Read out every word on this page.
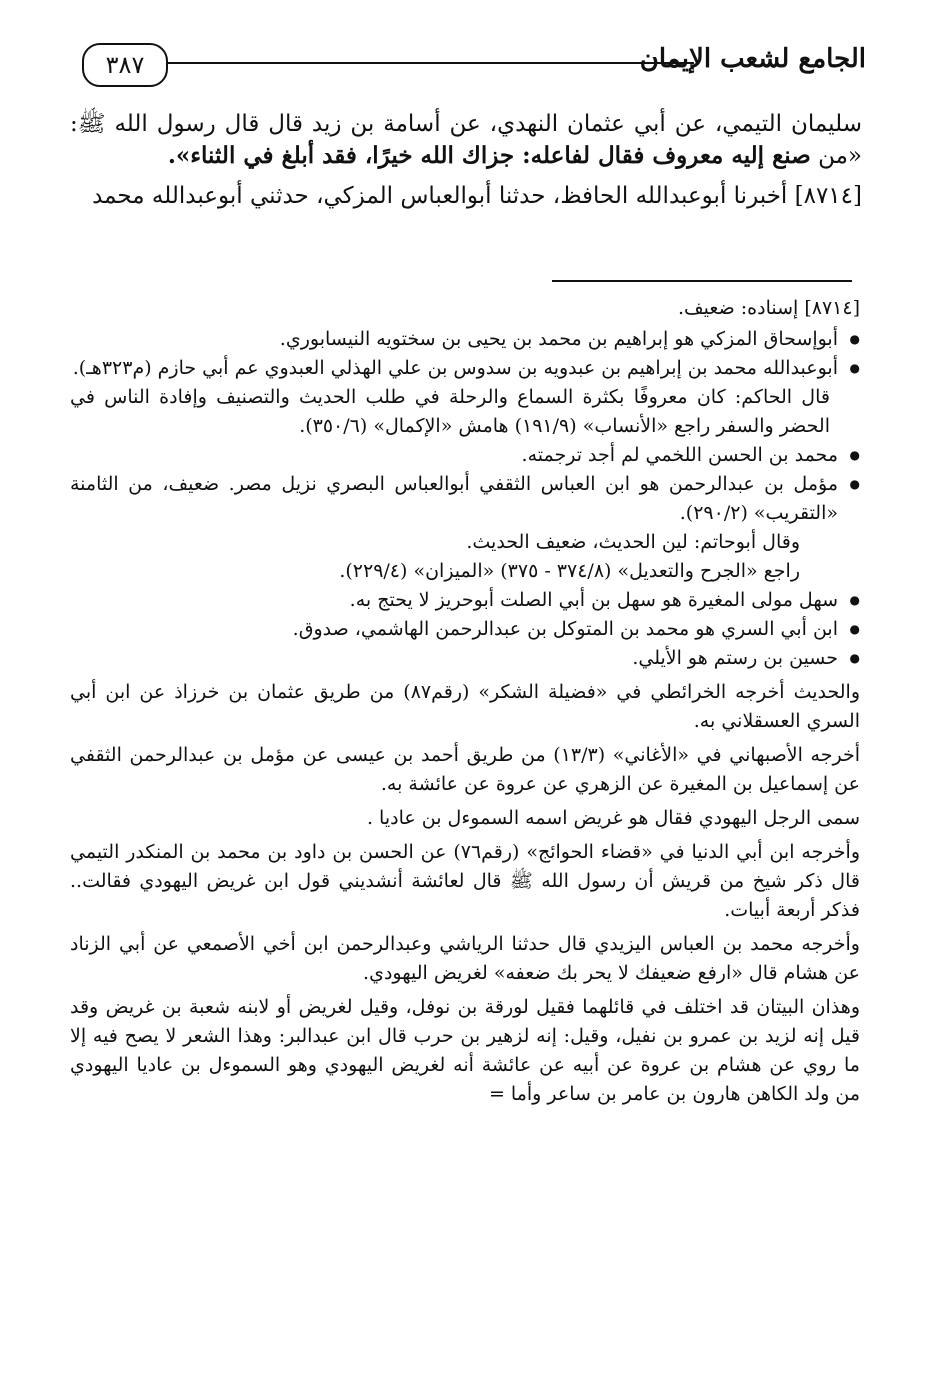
٣٨٧	الجامع لشعب الإيمان

سليمان التيمي، عن أبي عثمان النهدي، عن أسامة بن زيد قال قال رسول الله ﷺ: «من صنع إليه معروف فقال لفاعله: جزاك الله خيرًا، فقد أبلغ في الثناء».

[٨٧١٤] أخبرنا أبوعبدالله الحافظ، حدثنا أبوالعباس المزكي، حدثني أبوعبدالله محمد

[٨٧١٤] إسناده: ضعيف.

● أبوإسحاق المزكي هو إبراهيم بن محمد بن يحيى بن سختويه النيسابوري.

● أبوعبدالله محمد بن إبراهيم بن عبدويه بن سدوس بن علي الهذلي العبدوي عم أبي حازم (م٣٢٣هـ).

قال الحاكم: كان معروفًا بكثرة السماع والرحلة في طلب الحديث والتصنيف وإفادة الناس في الحضر والسفر راجع «الأنساب» (١٩١/٩) هامش «الإكمال» (٣٥٠/٦).

● محمد بن الحسن اللخمي لم أجد ترجمته.

● مؤمل بن عبدالرحمن هو ابن العباس الثقفي أبوالعباس البصري نزيل مصر. ضعيف، من الثامنة «التقريب» (٢٩٠/٢).

وقال أبوحاتم: لين الحديث، ضعيف الحديث.

راجع «الجرح والتعديل» (٣٧٤/٨ - ٣٧٥) «الميزان» (٢٢٩/٤).

● سهل مولى المغيرة هو سهل بن أبي الصلت أبوحريز لا يحتج به.

● ابن أبي السري هو محمد بن المتوكل بن عبدالرحمن الهاشمي، صدوق.

● حسين بن رستم هو الأيلي.

والحديث أخرجه الخرائطي في «فضيلة الشكر» (رقم٨٧) من طريق عثمان بن خرزاذ عن ابن أبي السري العسقلاني به.

أخرجه الأصبهاني في «الأغاني» (١٣/٣) من طريق أحمد بن عيسى عن مؤمل بن عبدالرحمن الثقفي عن إسماعيل بن المغيرة عن الزهري عن عروة عن عائشة به.

سمى الرجل اليهودي فقال هو غريض اسمه السموءل بن عاديا .

وأخرجه ابن أبي الدنيا في «قضاء الحوائج» (رقم٧٦) عن الحسن بن داود بن محمد بن المنكدر التيمي قال ذكر شيخ من قريش أن رسول الله ﷺ قال لعائشة أنشديني قول ابن غريض اليهودي فقالت.. فذكر أربعة أبيات.

وأخرجه محمد بن العباس اليزيدي قال حدثنا الرياشي وعبدالرحمن ابن أخي الأصمعي عن أبي الزناد عن هشام قال «ارفع ضعيفك لا يحر بك ضعفه» لغريض اليهودي.

وهذان البيتان قد اختلف في قائلهما فقيل لورقة بن نوفل، وقيل لغريض أو لابنه شعبة بن غريض وقد قيل إنه لزيد بن عمرو بن نفيل، وقيل: إنه لزهير بن حرب قال ابن عبدالبر: وهذا الشعر لا يصح فيه إلا ما روي عن هشام بن عروة عن أبيه عن عائشة أنه لغريض اليهودي وهو السموءل بن عاديا اليهودي من ولد الكاهن هارون بن عامر بن ساعر وأما =
